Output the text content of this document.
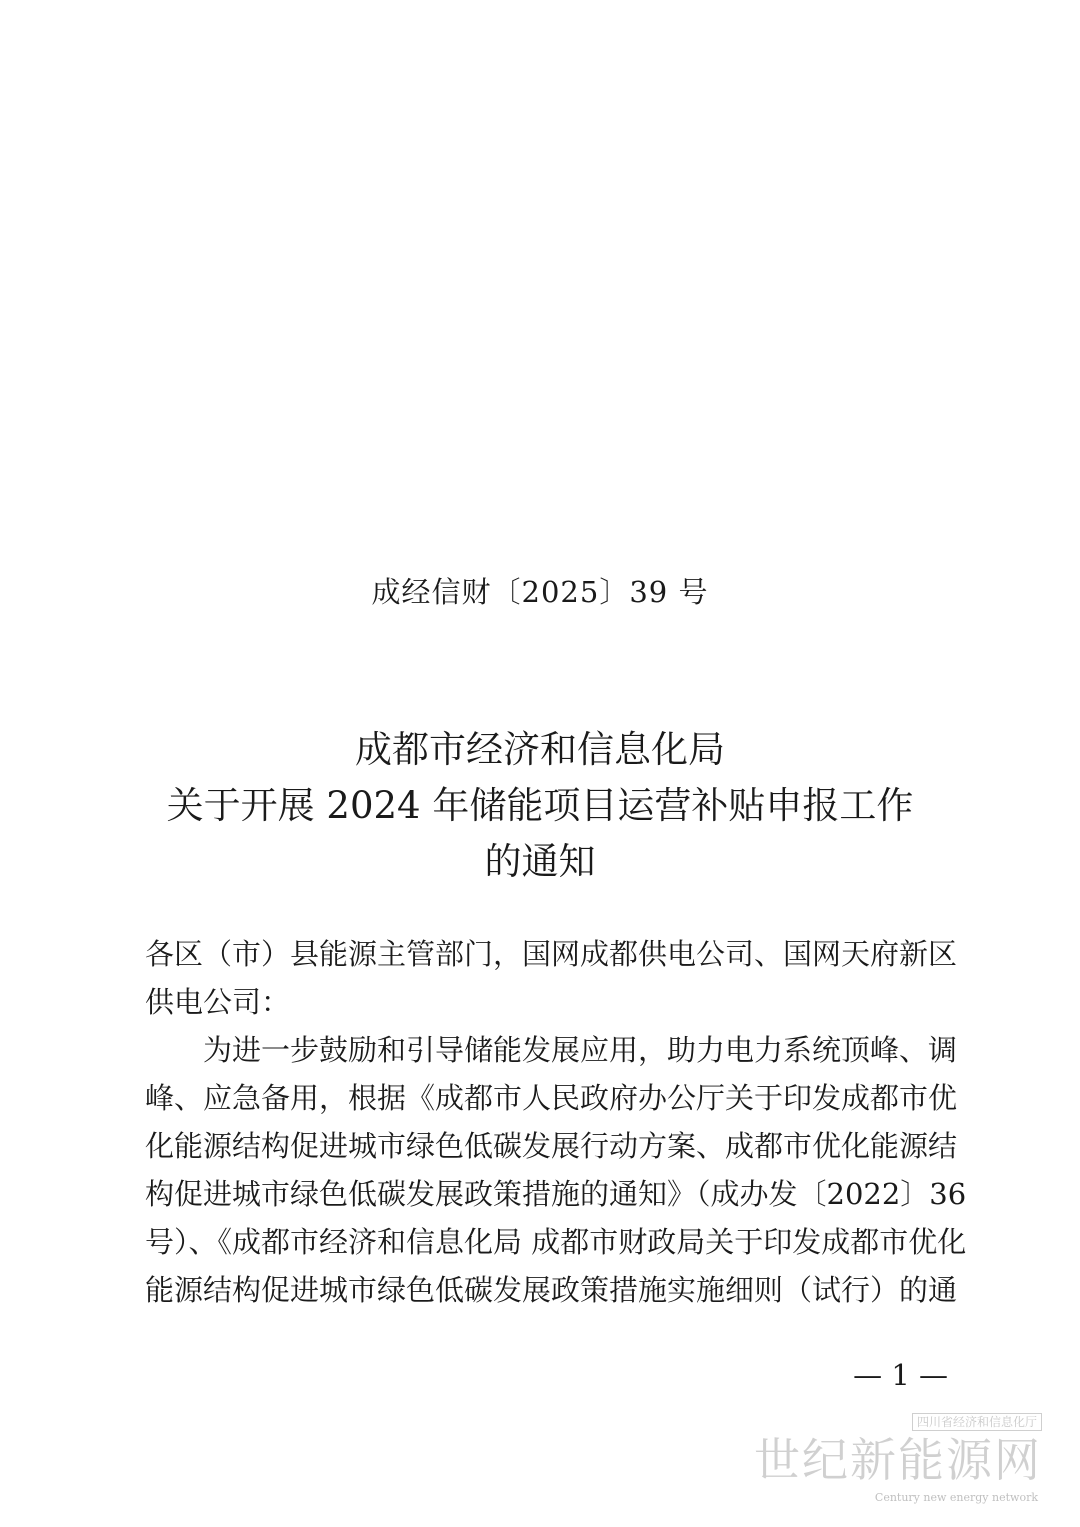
成经信财〔2025〕39 号
成都市经济和信息化局
关于开展 2024 年储能项目运营补贴申报工作
的通知
各区（市）县能源主管部门，国网成都供电公司、国网天府新区
供电公司：
　　为进一步鼓励和引导储能发展应用，助力电力系统顶峰、调
峰、应急备用，根据《成都市人民政府办公厅关于印发成都市优
化能源结构促进城市绿色低碳发展行动方案、成都市优化能源结
构促进城市绿色低碳发展政策措施的通知》（成办发〔2022〕36
号）、《成都市经济和信息化局 成都市财政局关于印发成都市优化
能源结构促进城市绿色低碳发展政策措施实施细则（试行）的通
— 1 —
四川省经济和信息化厅
世纪新能源网
Century new energy network
